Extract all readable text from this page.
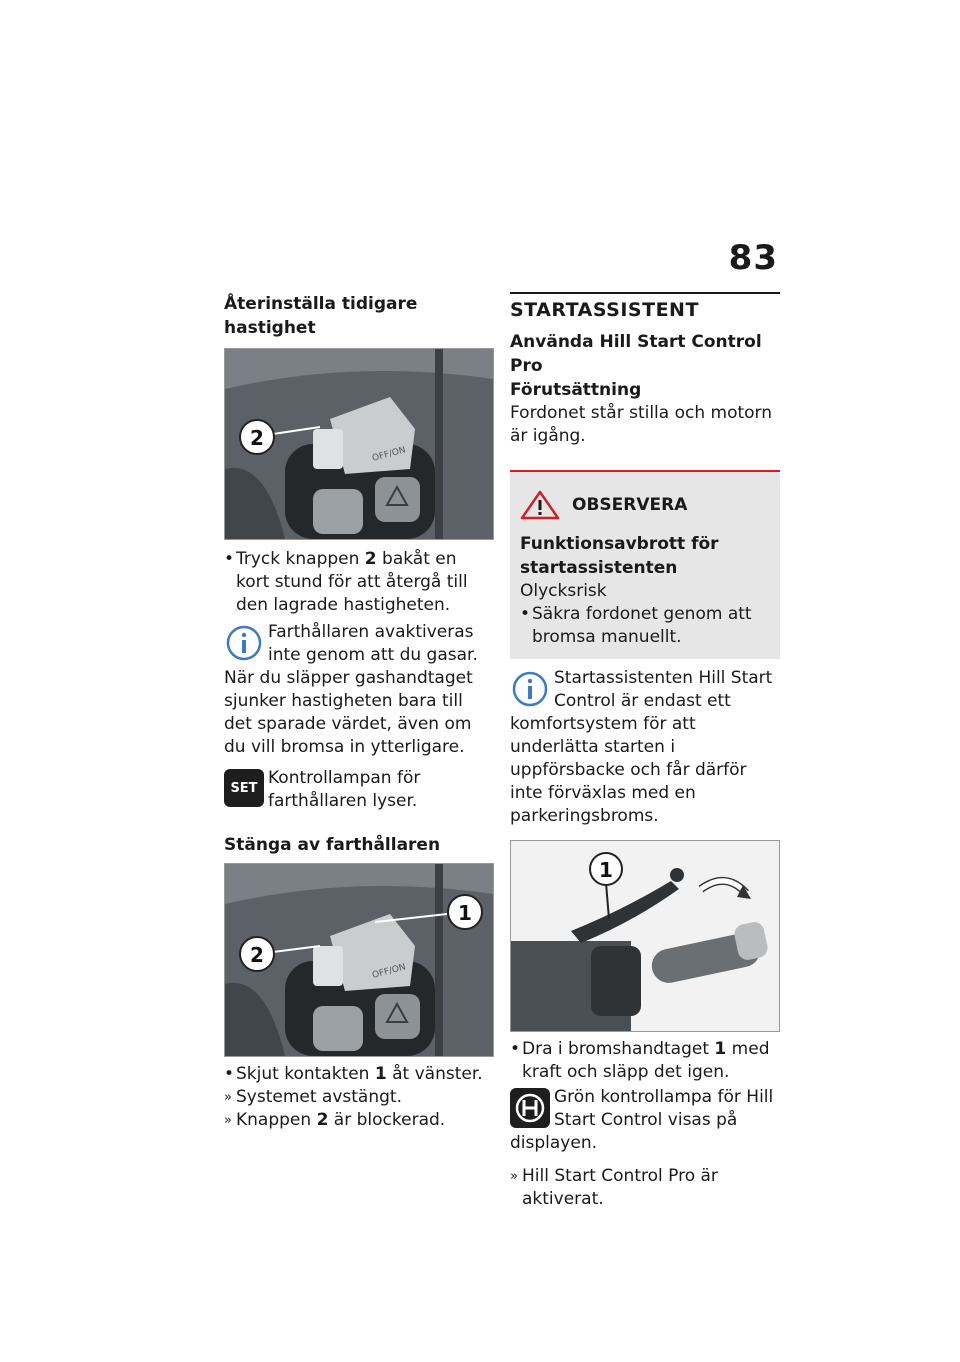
83

Återinställa tidigare hastighet

2
OFF/ON
• Tryck knappen 2 bakåt en kort stund för att återgå till den lagrade hastigheten.
Farthållaren avaktiveras inte genom att du gasar. När du släpper gashandtaget sjunker hastigheten bara till det sparade värdet, även om du vill bromsa in ytterligare.
SET Kontrollampan för farthållaren lyser.

Stänga av farthållaren

2
1
OFF/ON
• Skjut kontakten 1 åt vänster.
» Systemet avstängt.
» Knappen 2 är blockerad.
STARTASSISTENT

Använda Hill Start Control Pro

Förutsättning

Fordonet står stilla och motorn är igång.

OBSERVERA

Funktionsavbrott för startassistenten

Olycksrisk

• Säkra fordonet genom att bromsa manuellt.
Startassistenten Hill Start Control är endast ett komfortsystem för att underlätta starten i uppförsbacke och får därför inte förväxlas med en parkeringsbroms.
1
• Dra i bromshandtaget 1 med kraft och släpp det igen.
Grön kontrollampa för Hill Start Control visas på displayen.
» Hill Start Control Pro är aktiverat.
